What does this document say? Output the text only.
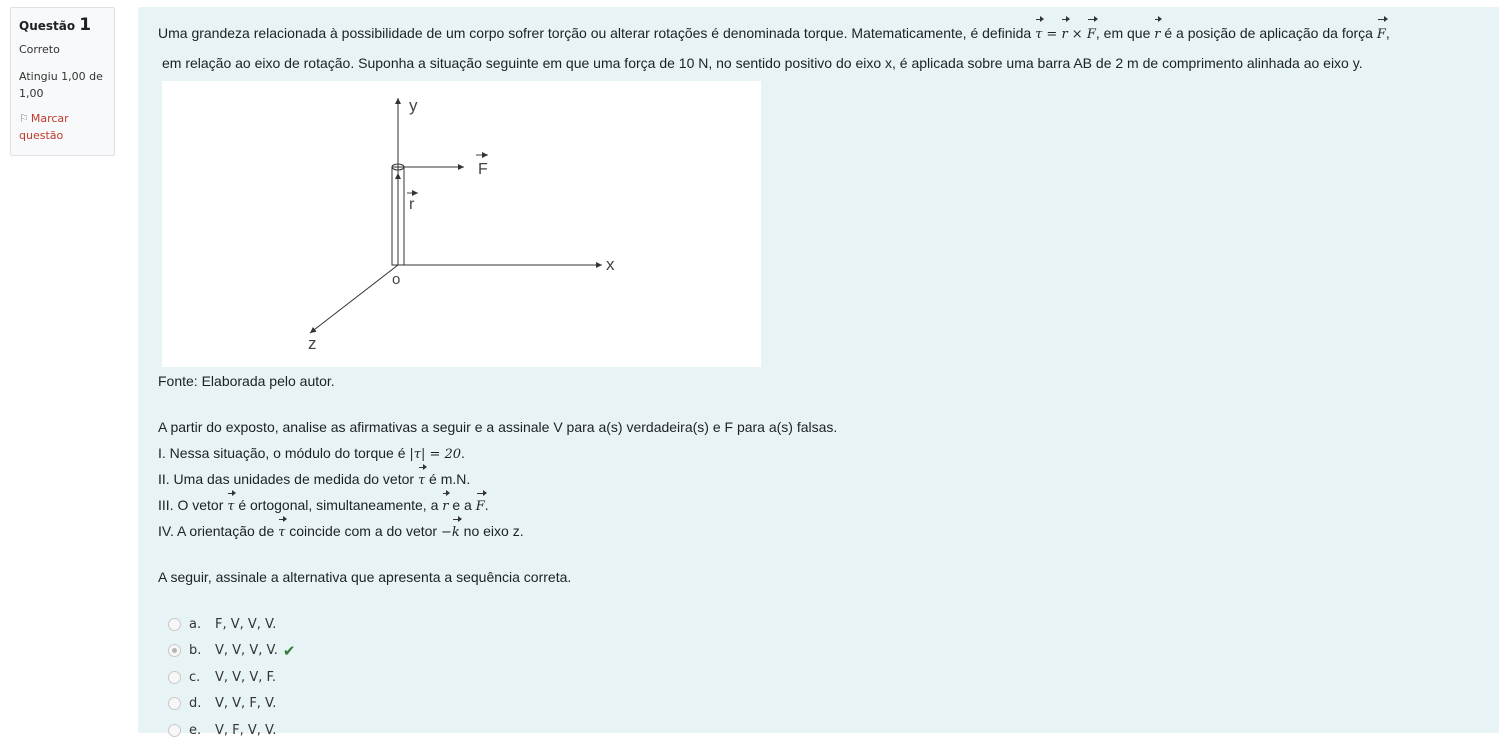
Questão 1
Correto
Atingiu 1,00 de 1,00
⚐ Marcar questão

Uma grandeza relacionada à possibilidade de um corpo sofrer torção ou alterar rotações é denominada torque. Matematicamente, é definida τ = r × F, em que r é a posição de aplicação da força F,

em relação ao eixo de rotação. Suponha a situação seguinte em que uma força de 10 N, no sentido positivo do eixo x, é aplicada sobre uma barra AB de 2 m de comprimento alinhada ao eixo y.

y
x
z
o
F
r

Fonte: Elaborada pelo autor.

A partir do exposto, analise as afirmativas a seguir e a assinale V para a(s) verdadeira(s) e F para a(s) falsas.

I. Nessa situação, o módulo do torque é |τ| = 20.

II. Uma das unidades de medida do vetor τ é m.N.

III. O vetor τ é ortogonal, simultaneamente, a r e a F.

IV. A orientação de τ coincide com a do vetor −k no eixo z.

A seguir, assinale a alternativa que apresenta a sequência correta.

a.	F, V, V, V.
b.	V, V, V, V. ✔
c.	V, V, V, F.
d.	V, V, F, V.
e.	V, F, V, V.
